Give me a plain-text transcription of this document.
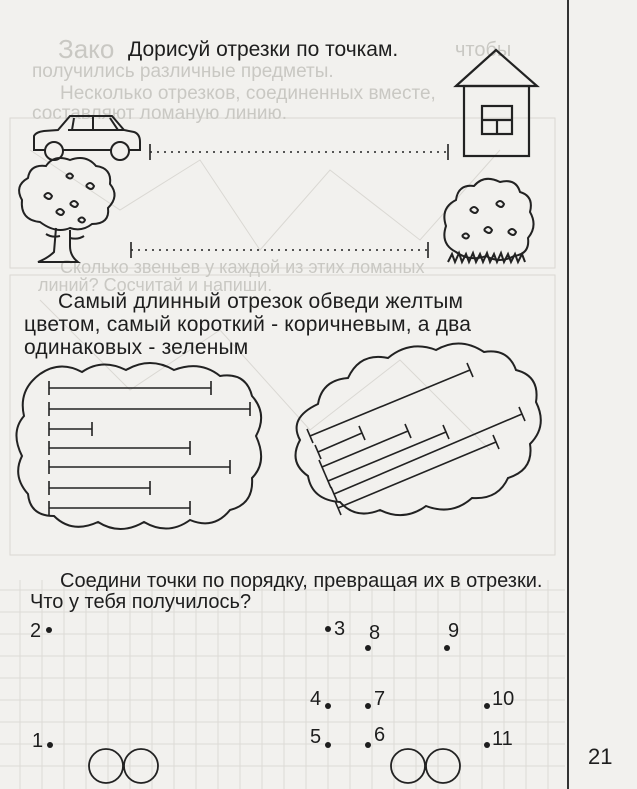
Зако	чтобы
получились различные предметы.
Несколько отрезков, соединенных вместе,
составляют ломаную линию.
Сколько звеньев у каждой из этих ломаных
линий? Сосчитай и напиши.
Дорисуй отрезки по точкам.
Самый длинный отрезок обведи желтым цветом, самый короткий - коричневым, а два одинаковых - зеленым
Соедини точки по порядку, превращая их в отрезки. Что у тебя получилось?
2
1
3 8	9
4	7	10
5	6	11
21
